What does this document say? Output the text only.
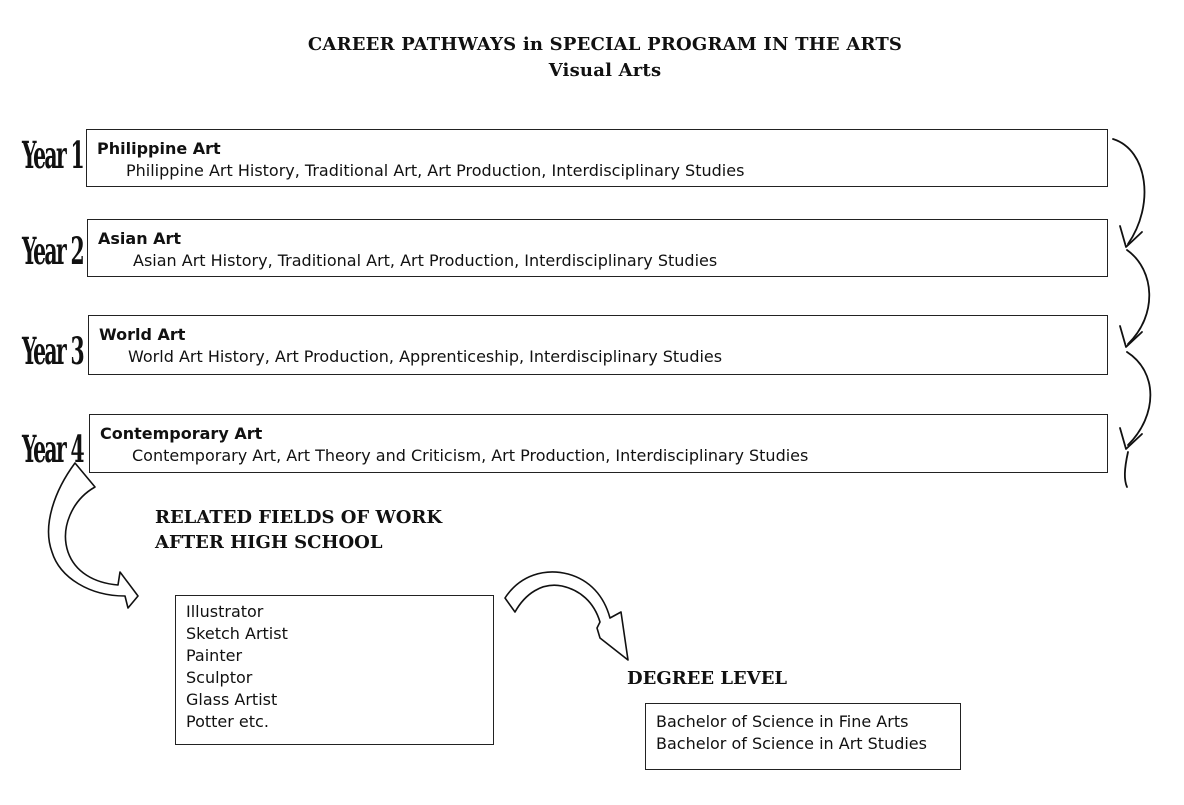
CAREER PATHWAYS in SPECIAL PROGRAM IN THE ARTS
Visual Arts
Year 1 Philippine Art
Philippine Art History, Traditional Art, Art Production, Interdisciplinary Studies
Year 2 Asian Art
Asian Art History, Traditional Art, Art Production, Interdisciplinary Studies
Year 3 World Art
World Art History, Art Production, Apprenticeship, Interdisciplinary Studies
Year 4 Contemporary Art
Contemporary Art, Art Theory and Criticism, Art Production, Interdisciplinary Studies
RELATED FIELDS OF WORK
AFTER HIGH SCHOOL
Illustrator
Sketch Artist
Painter
Sculptor
Glass Artist
Potter etc.
DEGREE LEVEL
Bachelor of Science in Fine Arts
Bachelor of Science in Art Studies
